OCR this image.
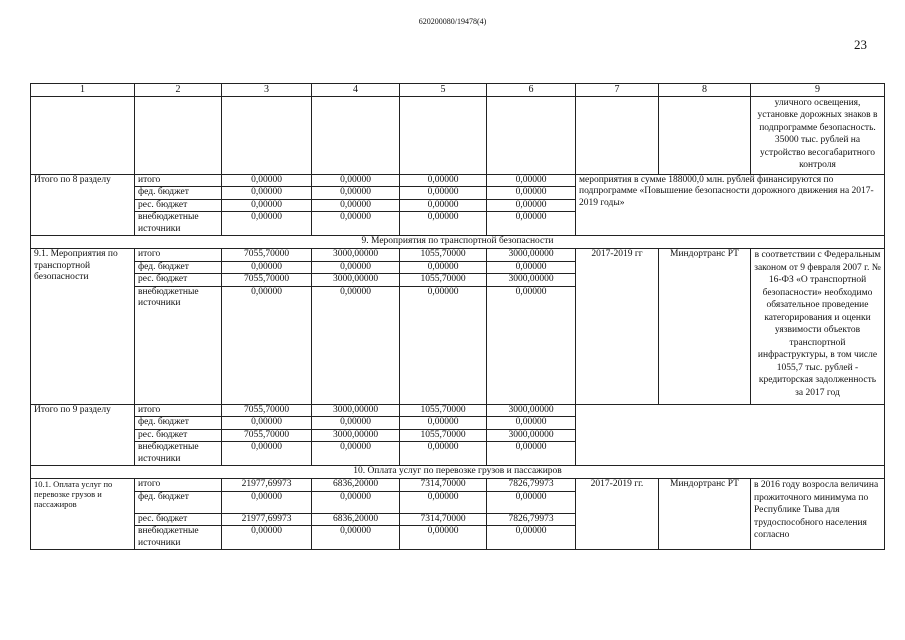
620200080/19478(4)
23
1	2	3	4	5	6	7	8	9
								уличного освещения, установке дорожных знаков в подпрограмме безопасность. 35000 тыс. рублей на устройство весогабаритного контроля
Итого по 8 разделу	итого	0,00000	0,00000	0,00000	0,00000	мероприятия в сумме 188000,0 млн. рублей финансируются по подпрограмме «Повышение безопасности дорожного движения на 2017-2019 годы»		
	фед. бюджет	0,00000	0,00000	0,00000	0,00000			
	рес. бюджет	0,00000	0,00000	0,00000	0,00000			
	внебюджетные источники	0,00000	0,00000	0,00000	0,00000			
9. Мероприятия по транспортной безопасности								
9.1. Мероприятия по транспортной безопасности	итого	7055,70000	3000,00000	1055,70000	3000,00000	2017-2019 гг	Миндортранс РТ	в соответствии с Федеральным законом от 9 февраля 2007 г. № 16-ФЗ «О транспортной безопасности» необходимо обязательное проведение категорирования и оценки уязвимости объектов транспортной инфраструктуры, в том числе 1055,7 тыс. рублей - кредиторская задолженность за 2017 год
	фед. бюджет	0,00000	0,00000	0,00000	0,00000			
	рес. бюджет	7055,70000	3000,00000	1055,70000	3000,00000			
	внебюджетные источники	0,00000	0,00000	0,00000	0,00000			
Итого по 9 разделу	итого	7055,70000	3000,00000	1055,70000	3000,00000			
	фед. бюджет	0,00000	0,00000	0,00000	0,00000			
	рес. бюджет	7055,70000	3000,00000	1055,70000	3000,00000			
	внебюджетные источники	0,00000	0,00000	0,00000	0,00000			
10. Оплата услуг по перевозке грузов и пассажиров								
10.1. Оплата услуг по перевозке грузов и пассажиров	итого	21977,69973	6836,20000	7314,70000	7826,79973	2017-2019 гг.	Миндортранс РТ	в 2016 году возросла величина прожиточного минимума по Республике Тыва для трудоспособного населения согласно
	фед. бюджет	0,00000	0,00000	0,00000	0,00000			
	рес. бюджет	21977,69973	6836,20000	7314,70000	7826,79973			
	внебюджетные источники	0,00000	0,00000	0,00000	0,00000			
